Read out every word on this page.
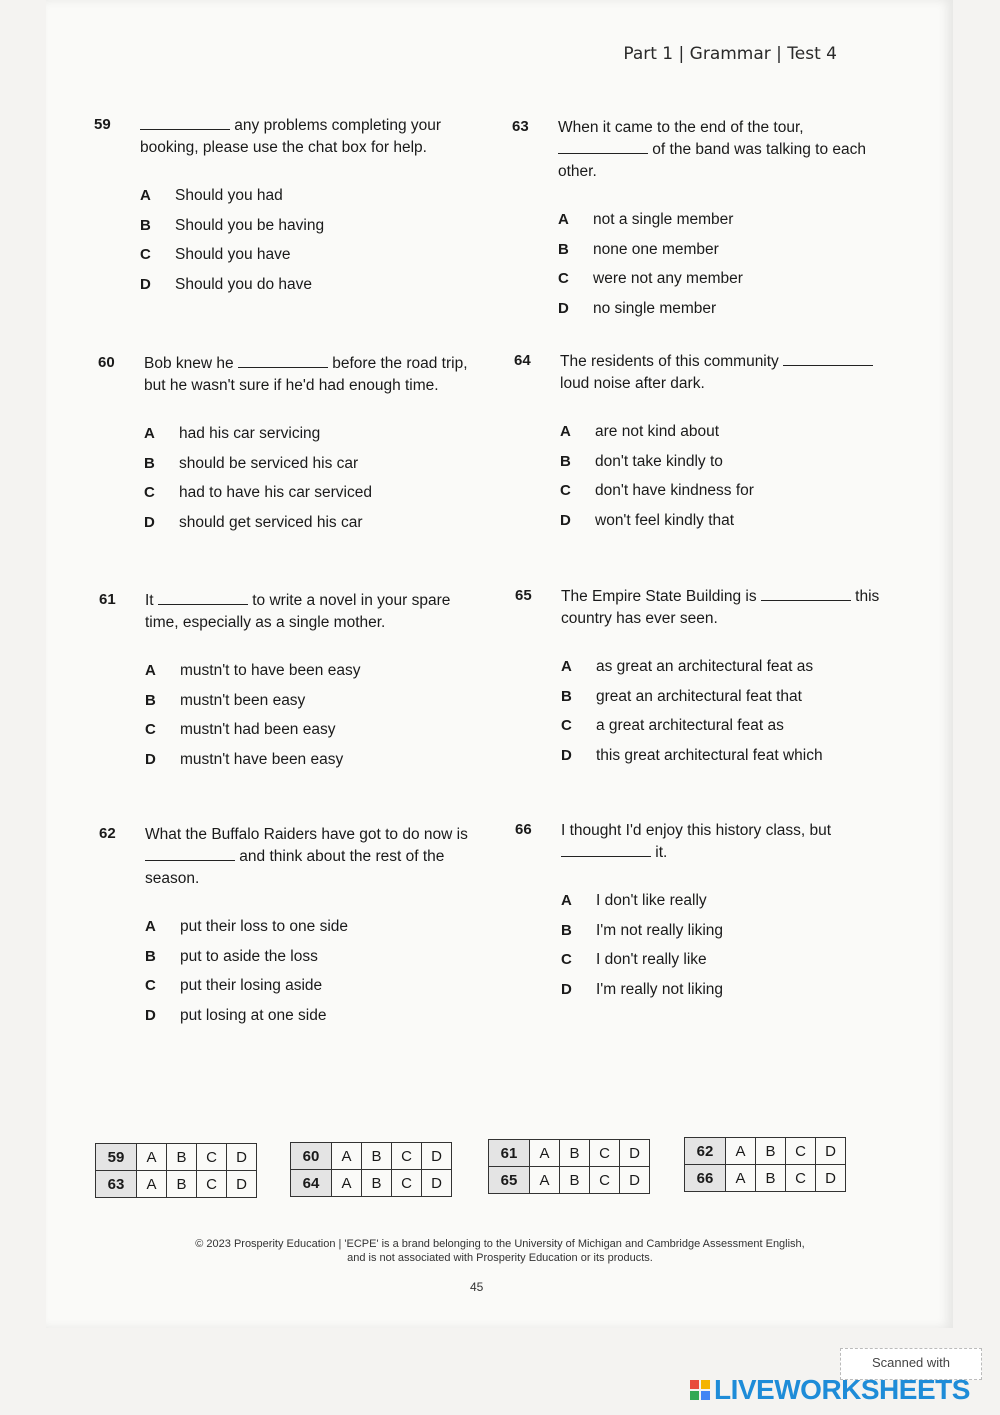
Part 1 | Grammar | Test 4
59	any problems completing your booking, please use the chat box for help.
A	Should you had
B	Should you be having
C	Should you have
D	Should you do have
60 Bob knew he	before the road trip, but he wasn't sure if he'd had enough time.
A	had his car servicing
B	should be serviced his car
C	had to have his car serviced
D	should get serviced his car
61 It	to write a novel in your spare time, especially as a single mother.
A	mustn't to have been easy
B	mustn't been easy
C	mustn't had been easy
D	mustn't have been easy
62 What the Buffalo Raiders have got to do now is  and think about the rest of the season.
A	put their loss to one side
B	put to aside the loss
C	put their losing aside
D	put losing at one side
63 When it came to the end of the tour,  of the band was talking to each other.
A	not a single member
B	none one member
C	were not any member
D	no single member
64 The residents of this community  loud noise after dark.
A	are not kind about
B	don't take kindly to
C	don't have kindness for
D	won't feel kindly that
65 The Empire State Building is	this country has ever seen.
A	as great an architectural feat as
B	great an architectural feat that
C	a great architectural feat as
D	this great architectural feat which
66 I thought I'd enjoy this history class, but  it.
A	I don't like really
B	I'm not really liking
C	I don't really like
D	I'm really not liking
59	A	B	C	D
63	A	B	C	D
60	A	B	C	D
64	A	B	C	D
61	A	B	C	D
65	A	B	C	D
62	A	B	C	D
66	A	B	C	D
© 2023 Prosperity Education | 'ECPE' is a brand belonging to the University of Michigan and Cambridge Assessment English,
and is not associated with Prosperity Education or its products.
45
Scanned with
LIVEWORKSHEETS
